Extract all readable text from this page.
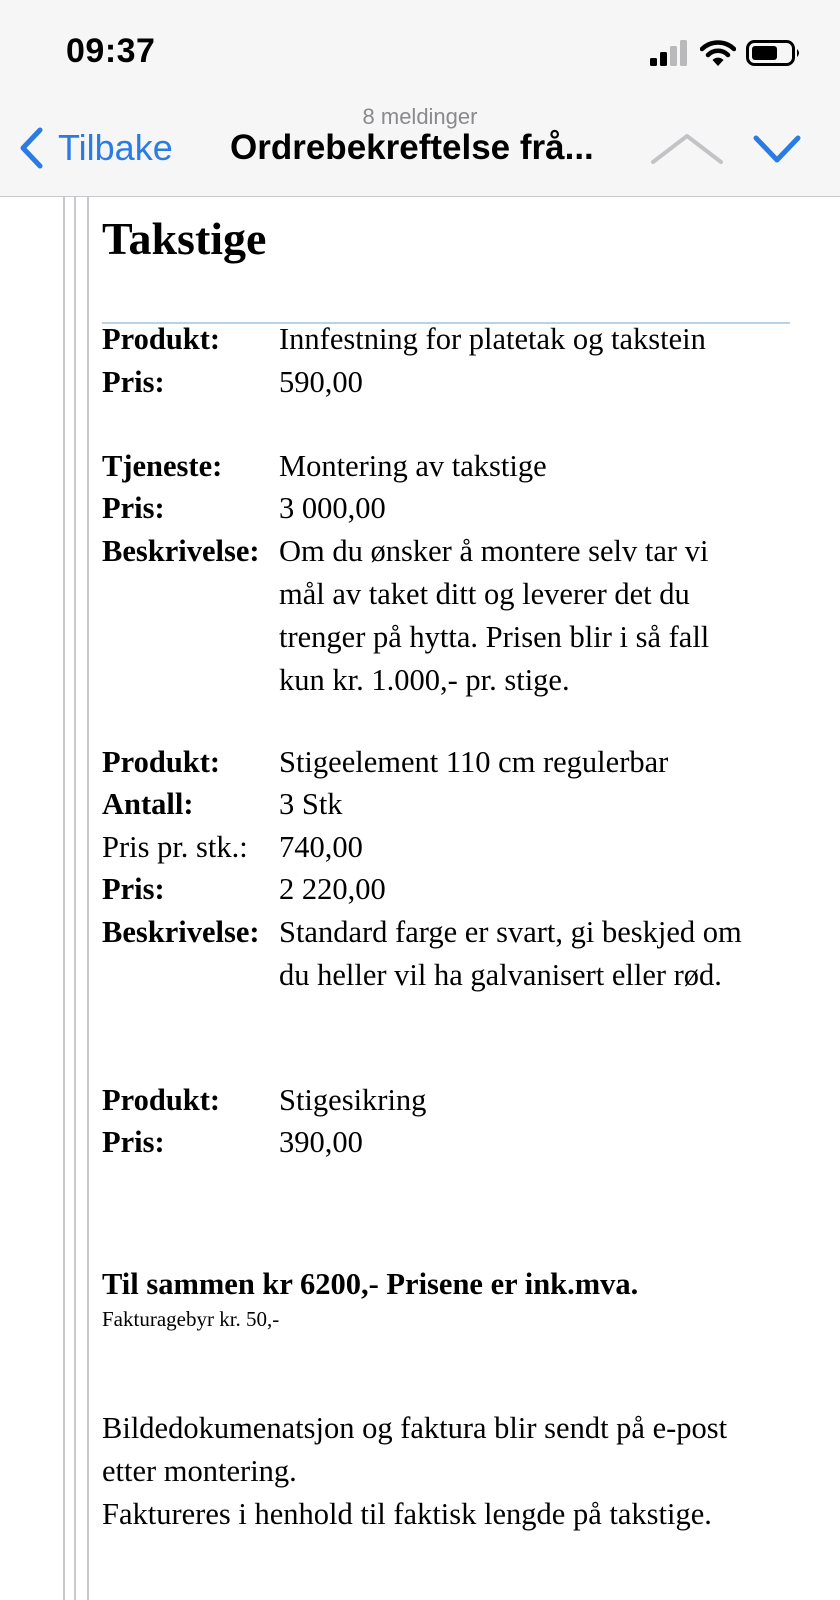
09:37
8 meldinger
Tilbake Ordrebekreftelse frå...
Takstige
Produkt:	Innfestning for platetak og takstein
Pris:	590,00
Tjeneste:	Montering av takstige
Pris:	3 000,00
Beskrivelse: Om du ønsker å montere selv tar vi mål av taket ditt og leverer det du trenger på hytta. Prisen blir i så fall kun kr. 1.000,- pr. stige.
Produkt:	Stigeelement 110 cm regulerbar
Antall:	3 Stk
Pris pr. stk.:	740,00
Pris:	2 220,00
Beskrivelse: Standard farge er svart, gi beskjed om du heller vil ha galvanisert eller rød.
Produkt:	Stigesikring
Pris:	390,00
Til sammen kr 6200,- Prisene er ink.mva.
Fakturagebyr kr. 50,-
Bildedokumenatsjon og faktura blir sendt på e-post etter montering.
Faktureres i henhold til faktisk lengde på takstige.
